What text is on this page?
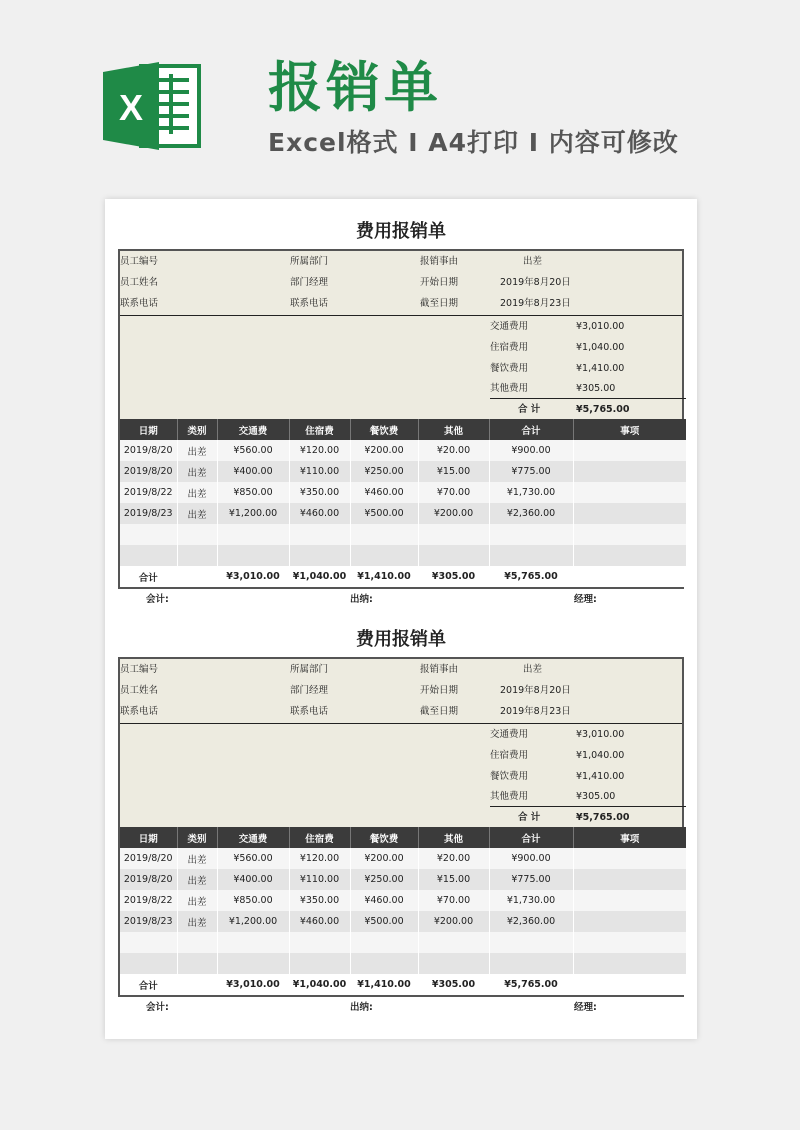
X 报销单
Excel格式 Ⅰ A4打印 Ⅰ 内容可修改
费用报销单
员工编号	所属部门	报销事由	出差
员工姓名	部门经理	开始日期	2019年8月20日
联系电话	联系电话	截至日期	2019年8月23日
交通费用	¥3,010.00
住宿费用	¥1,040.00
餐饮费用	¥1,410.00
其他费用	¥305.00
合 计	¥5,765.00
日期	类别	交通费	住宿费	餐饮费	其他	合计	事项
2019/8/20	出差	¥560.00	¥120.00	¥200.00	¥20.00	¥900.00	
2019/8/20	出差	¥400.00	¥110.00	¥250.00	¥15.00	¥775.00	
2019/8/22	出差	¥850.00	¥350.00	¥460.00	¥70.00	¥1,730.00	
2019/8/23	出差	¥1,200.00	¥460.00	¥500.00	¥200.00	¥2,360.00	

合计		¥3,010.00	¥1,040.00	¥1,410.00	¥305.00	¥5,765.00	
会计:	出纳:	经理:
费用报销单
员工编号	所属部门	报销事由	出差
员工姓名	部门经理	开始日期	2019年8月20日
联系电话	联系电话	截至日期	2019年8月23日
交通费用	¥3,010.00
住宿费用	¥1,040.00
餐饮费用	¥1,410.00
其他费用	¥305.00
合 计	¥5,765.00
日期	类别	交通费	住宿费	餐饮费	其他	合计	事项
2019/8/20	出差	¥560.00	¥120.00	¥200.00	¥20.00	¥900.00	
2019/8/20	出差	¥400.00	¥110.00	¥250.00	¥15.00	¥775.00	
2019/8/22	出差	¥850.00	¥350.00	¥460.00	¥70.00	¥1,730.00	
2019/8/23	出差	¥1,200.00	¥460.00	¥500.00	¥200.00	¥2,360.00	

合计		¥3,010.00	¥1,040.00	¥1,410.00	¥305.00	¥5,765.00	
会计:	出纳:	经理:
